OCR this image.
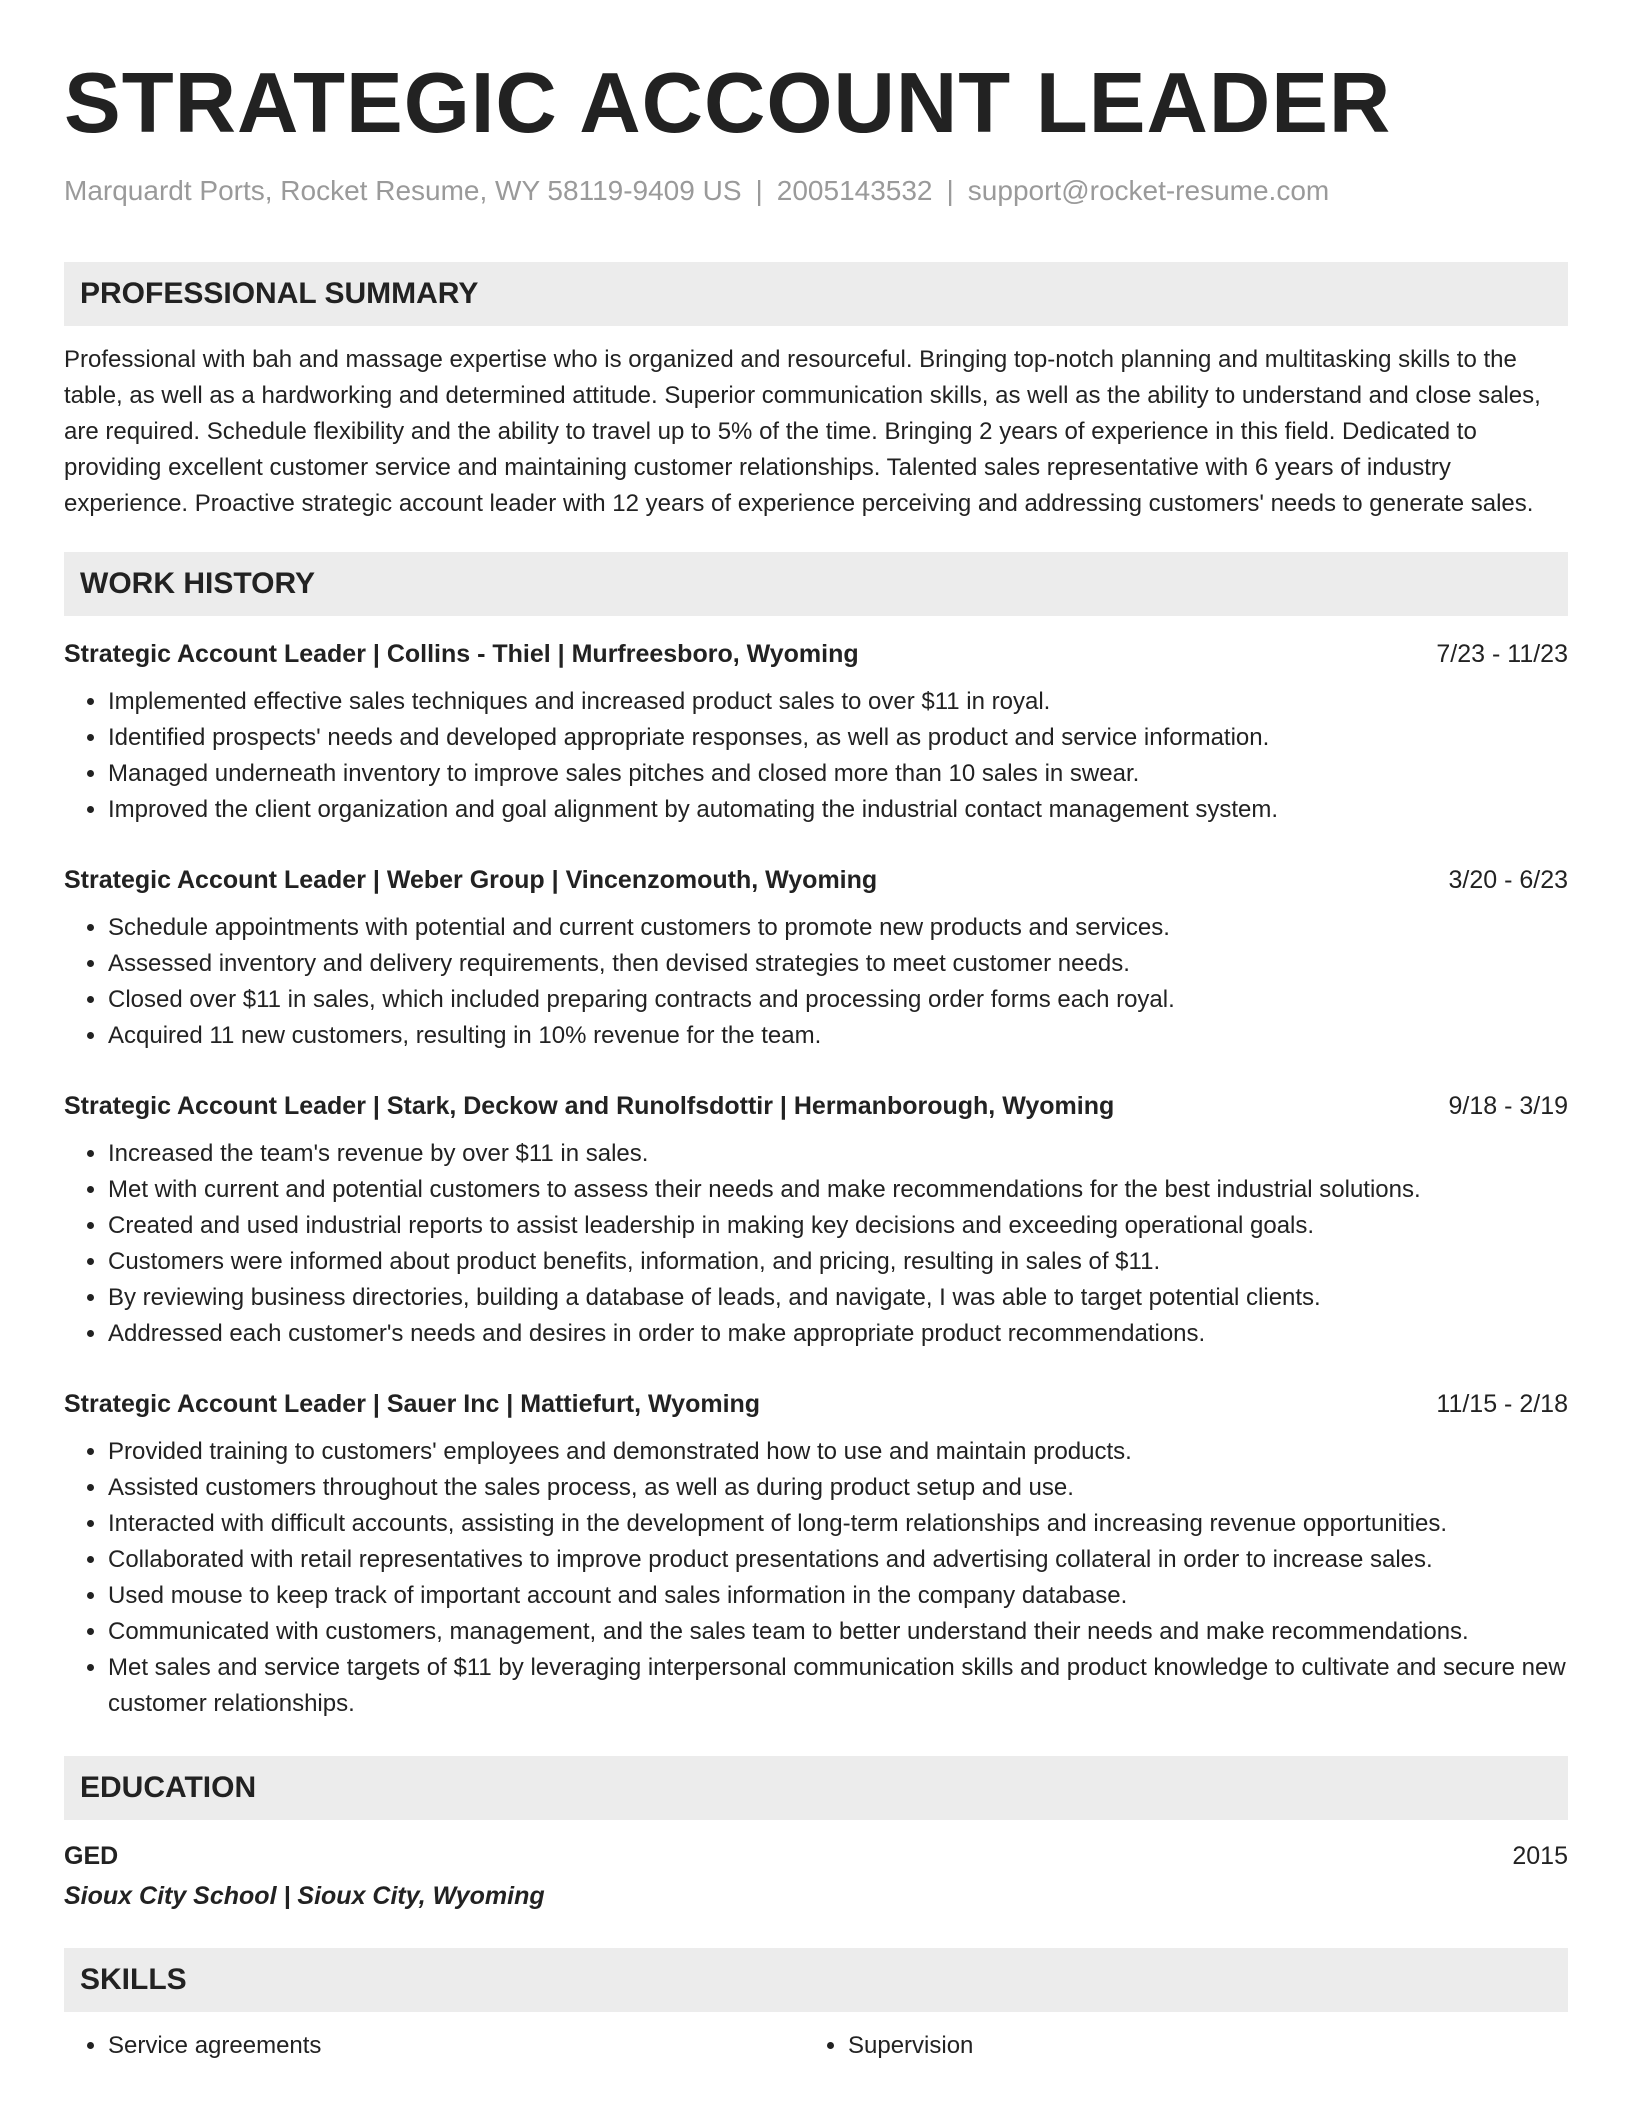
STRATEGIC ACCOUNT LEADER
Marquardt Ports, Rocket Resume, WY 58119-9409 US | 2005143532 | support@rocket-resume.com
PROFESSIONAL SUMMARY
Professional with bah and massage expertise who is organized and resourceful. Bringing top-notch planning and multitasking skills to the table, as well as a hardworking and determined attitude. Superior communication skills, as well as the ability to understand and close sales, are required. Schedule flexibility and the ability to travel up to 5% of the time. Bringing 2 years of experience in this field. Dedicated to providing excellent customer service and maintaining customer relationships. Talented sales representative with 6 years of industry experience. Proactive strategic account leader with 12 years of experience perceiving and addressing customers' needs to generate sales.
WORK HISTORY
Strategic Account Leader | Collins - Thiel | Murfreesboro, Wyoming	7/23 - 11/23
• Implemented effective sales techniques and increased product sales to over $11 in royal.
• Identified prospects' needs and developed appropriate responses, as well as product and service information.
• Managed underneath inventory to improve sales pitches and closed more than 10 sales in swear.
• Improved the client organization and goal alignment by automating the industrial contact management system.
Strategic Account Leader | Weber Group | Vincenzomouth, Wyoming	3/20 - 6/23
• Schedule appointments with potential and current customers to promote new products and services.
• Assessed inventory and delivery requirements, then devised strategies to meet customer needs.
• Closed over $11 in sales, which included preparing contracts and processing order forms each royal.
• Acquired 11 new customers, resulting in 10% revenue for the team.
Strategic Account Leader | Stark, Deckow and Runolfsdottir | Hermanborough, Wyoming	9/18 - 3/19
• Increased the team's revenue by over $11 in sales.
• Met with current and potential customers to assess their needs and make recommendations for the best industrial solutions.
• Created and used industrial reports to assist leadership in making key decisions and exceeding operational goals.
• Customers were informed about product benefits, information, and pricing, resulting in sales of $11.
• By reviewing business directories, building a database of leads, and navigate, I was able to target potential clients.
• Addressed each customer's needs and desires in order to make appropriate product recommendations.
Strategic Account Leader | Sauer Inc | Mattiefurt, Wyoming	11/15 - 2/18
• Provided training to customers' employees and demonstrated how to use and maintain products.
• Assisted customers throughout the sales process, as well as during product setup and use.
• Interacted with difficult accounts, assisting in the development of long-term relationships and increasing revenue opportunities.
• Collaborated with retail representatives to improve product presentations and advertising collateral in order to increase sales.
• Used mouse to keep track of important account and sales information in the company database.
• Communicated with customers, management, and the sales team to better understand their needs and make recommendations.
• Met sales and service targets of $11 by leveraging interpersonal communication skills and product knowledge to cultivate and secure new customer relationships.
EDUCATION
GED	2015
Sioux City School | Sioux City, Wyoming
SKILLS
• Service agreements
•	Supervision
